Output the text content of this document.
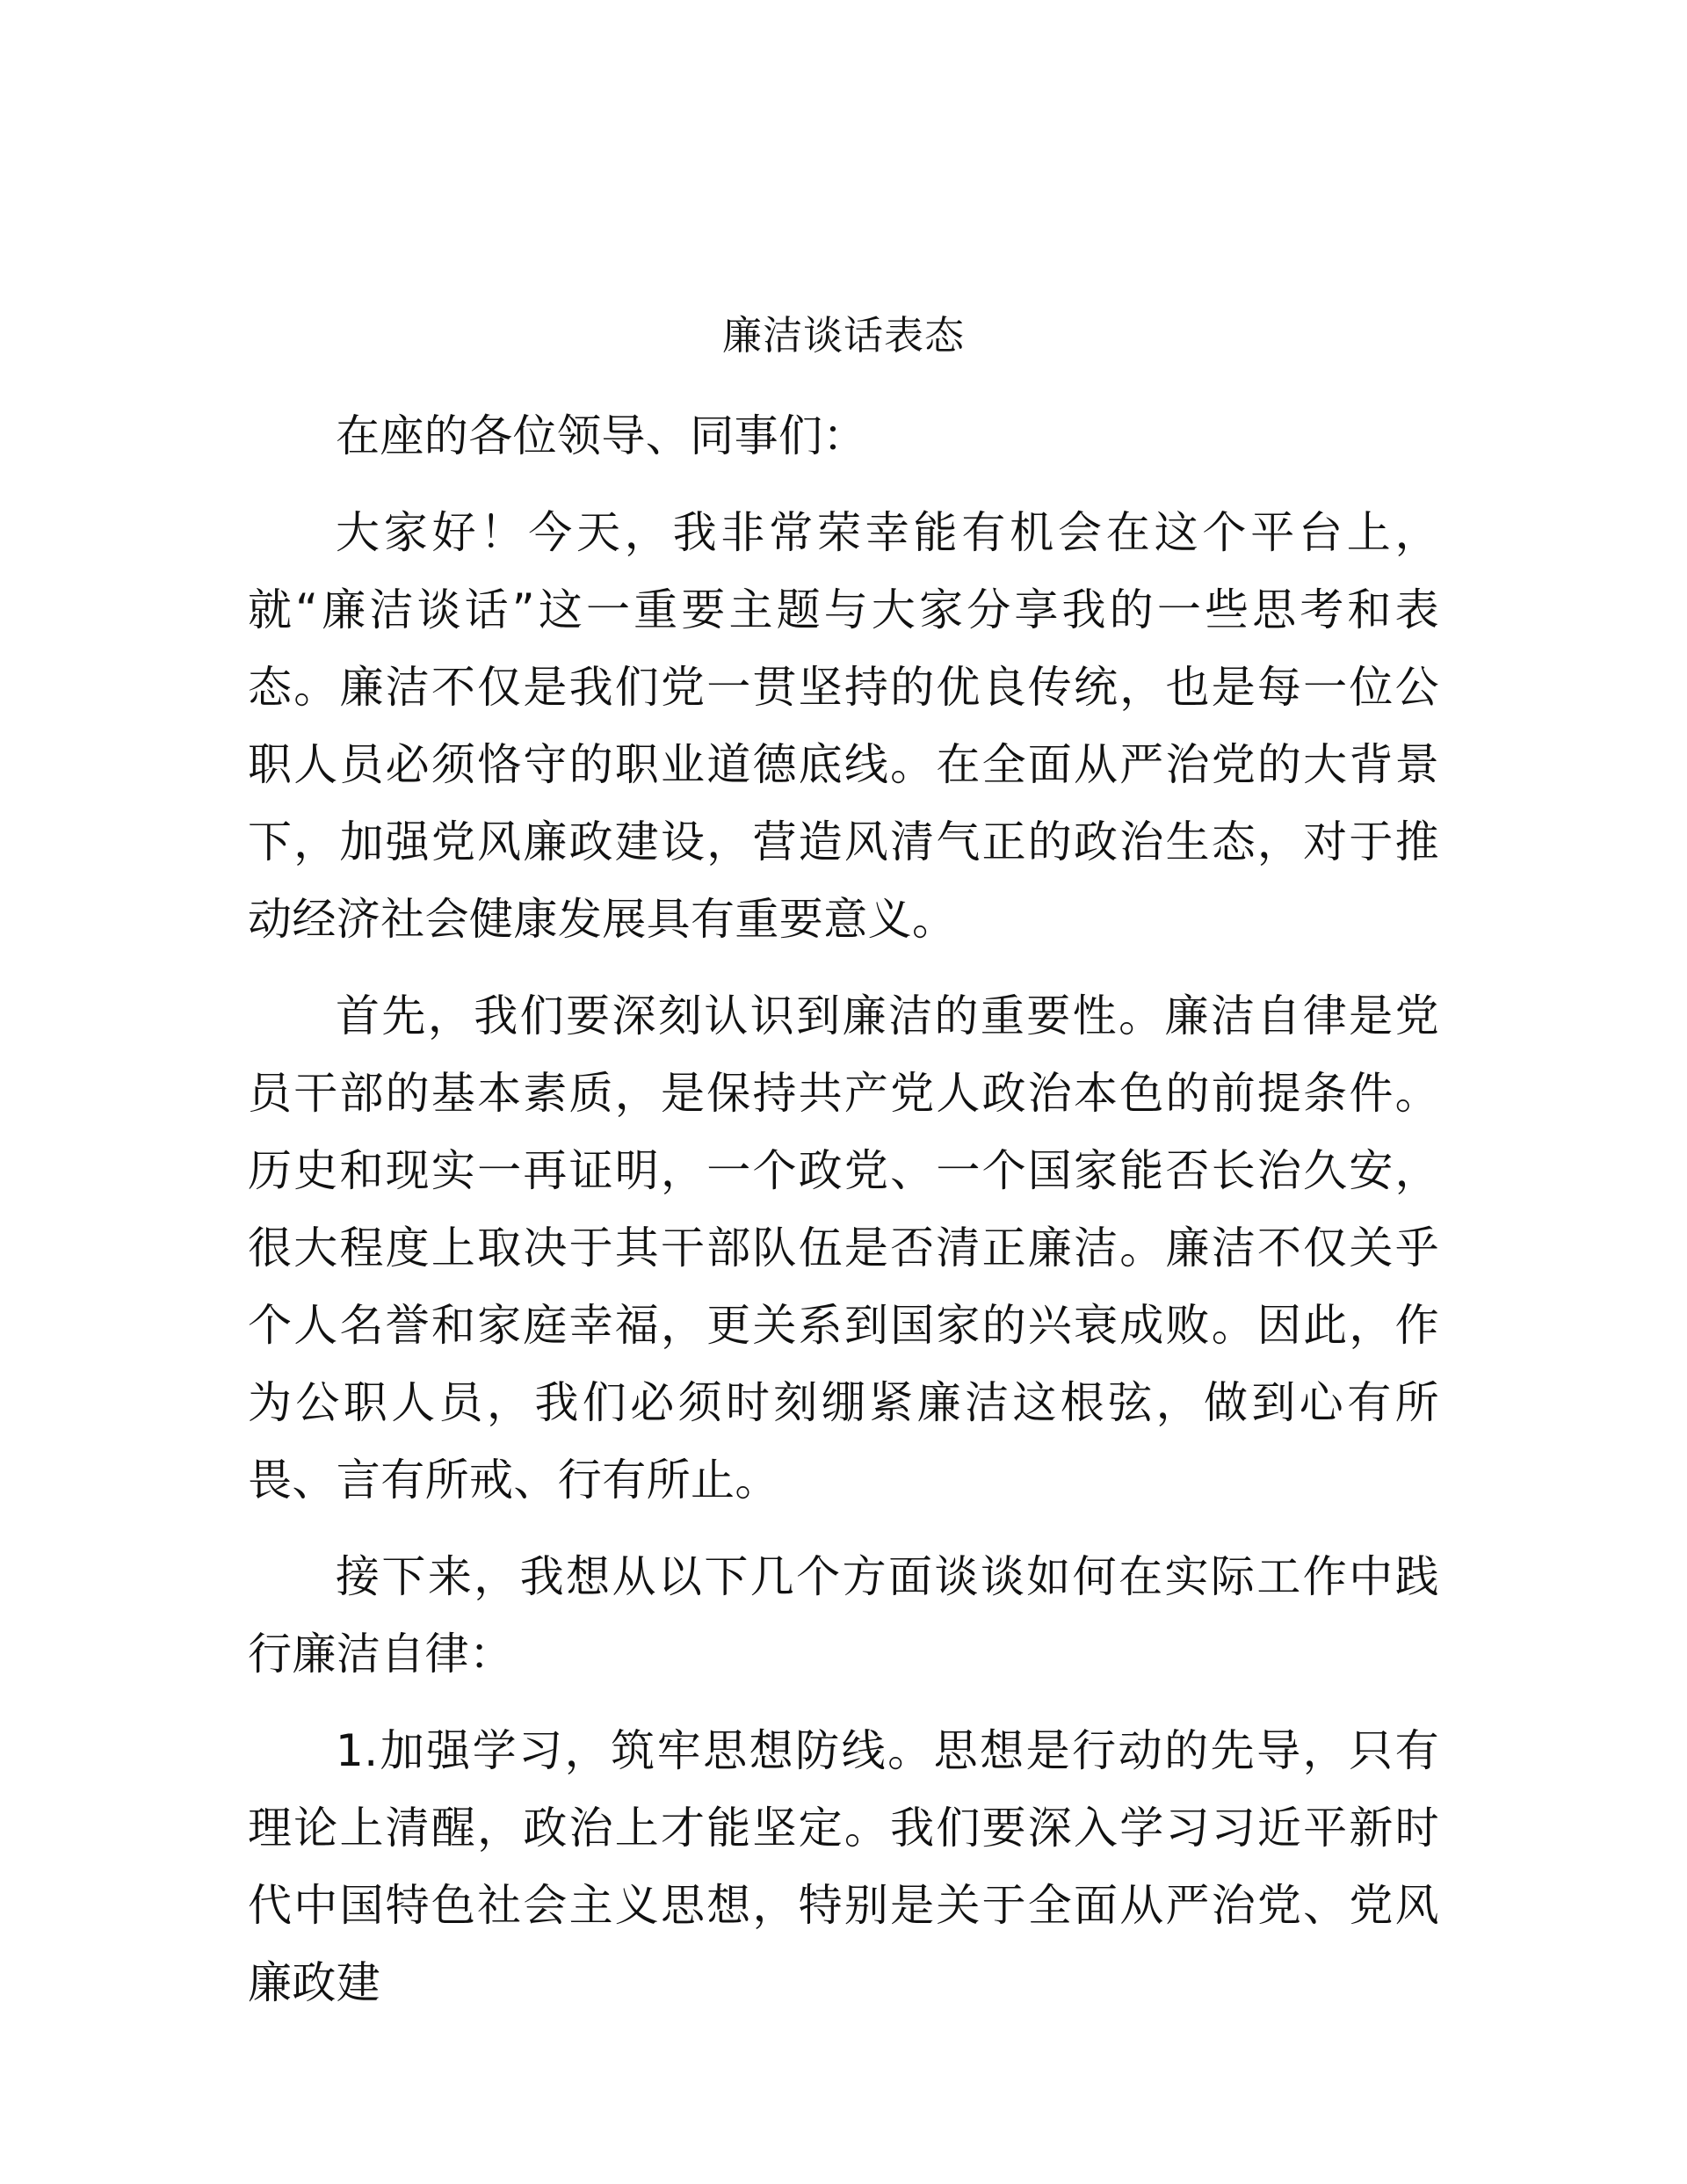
廉洁谈话表态

在座的各位领导、同事们：

大家好！今天，我非常荣幸能有机会在这个平台上，就“廉洁谈话”这一重要主题与大家分享我的一些思考和表态。廉洁不仅是我们党一贯坚持的优良传统，也是每一位公职人员必须恪守的职业道德底线。在全面从严治党的大背景下，加强党风廉政建设，营造风清气正的政治生态，对于推动经济社会健康发展具有重要意义。

首先，我们要深刻认识到廉洁的重要性。廉洁自律是党员干部的基本素质，是保持共产党人政治本色的前提条件。历史和现实一再证明，一个政党、一个国家能否长治久安，很大程度上取决于其干部队伍是否清正廉洁。廉洁不仅关乎个人名誉和家庭幸福，更关系到国家的兴衰成败。因此，作为公职人员，我们必须时刻绷紧廉洁这根弦，做到心有所畏、言有所戒、行有所止。

接下来，我想从以下几个方面谈谈如何在实际工作中践行廉洁自律：

1.加强学习，筑牢思想防线。思想是行动的先导，只有理论上清醒，政治上才能坚定。我们要深入学习习近平新时代中国特色社会主义思想，特别是关于全面从严治党、党风廉政建
